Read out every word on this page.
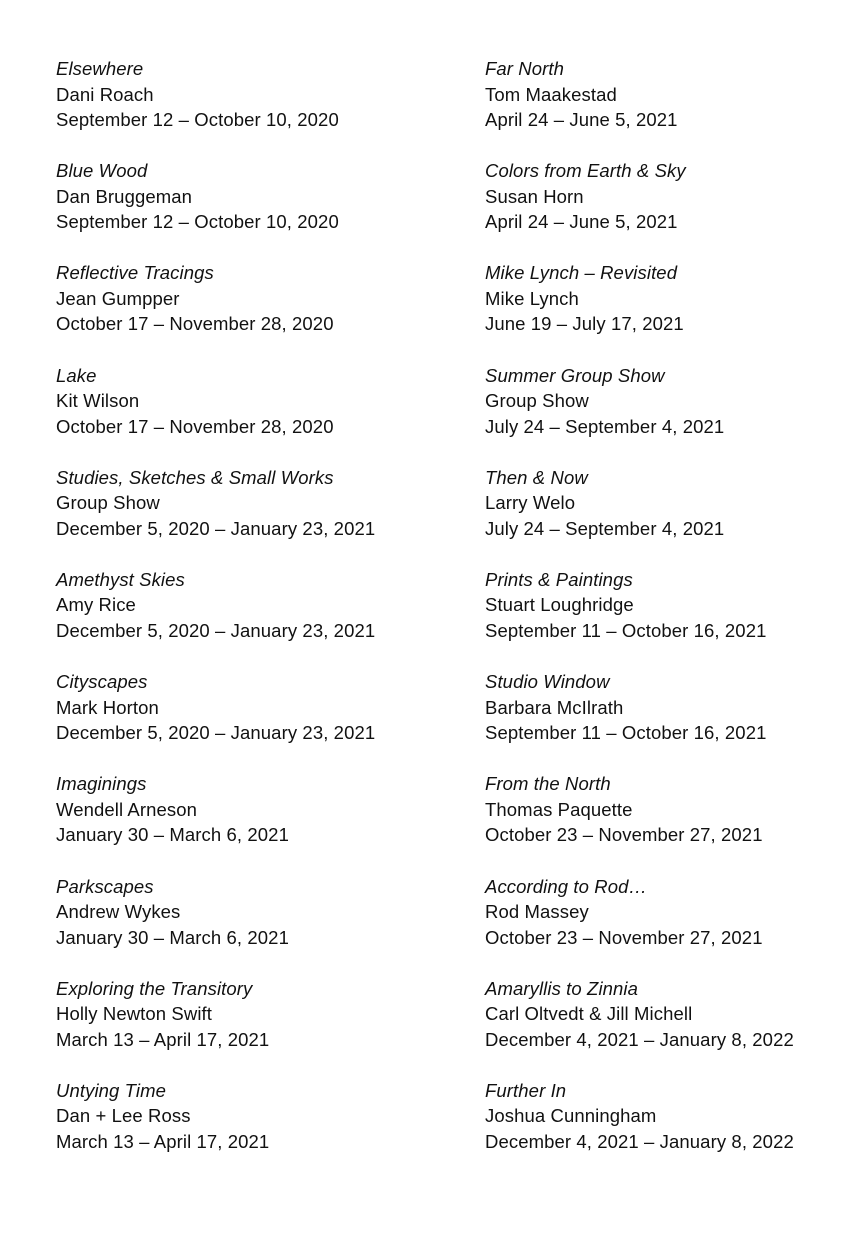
Elsewhere
Dani Roach
September 12 – October 10, 2020
Blue Wood
Dan Bruggeman
September 12 – October 10, 2020
Reflective Tracings
Jean Gumpper
October 17 – November 28, 2020
Lake
Kit Wilson
October 17 – November 28, 2020
Studies, Sketches & Small Works
Group Show
December 5, 2020 – January 23, 2021
Amethyst Skies
Amy Rice
December 5, 2020 – January 23, 2021
Cityscapes
Mark Horton
December 5, 2020 – January 23, 2021
Imaginings
Wendell Arneson
January 30 – March 6, 2021
Parkscapes
Andrew Wykes
January 30 – March 6, 2021
Exploring the Transitory
Holly Newton Swift
March 13 – April 17, 2021
Untying Time
Dan + Lee Ross
March 13 – April 17, 2021
Far North
Tom Maakestad
April 24 – June 5, 2021
Colors from Earth & Sky
Susan Horn
April 24 – June 5, 2021
Mike Lynch – Revisited
Mike Lynch
June 19 – July 17, 2021
Summer Group Show
Group Show
July 24 – September 4, 2021
Then & Now
Larry Welo
July 24 – September 4, 2021
Prints & Paintings
Stuart Loughridge
September 11 – October 16, 2021
Studio Window
Barbara McIlrath
September 11 – October 16, 2021
From the North
Thomas Paquette
October 23 – November 27, 2021
According to Rod…
Rod Massey
October 23 – November 27, 2021
Amaryllis to Zinnia
Carl Oltvedt & Jill Michell
December 4, 2021 – January 8, 2022
Further In
Joshua Cunningham
December 4, 2021 – January 8, 2022
